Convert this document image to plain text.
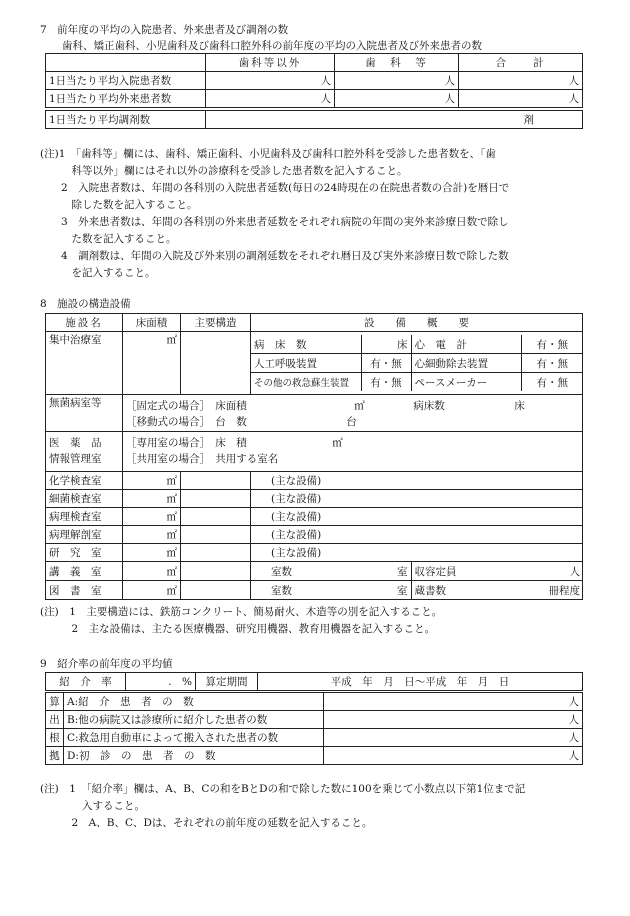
7　前年度の平均の入院患者、外来患者及び調剤の数
歯科、矯正歯科、小児歯科及び歯科口腔外科の前年度の平均の入院患者及び外来患者の数
	歯科等以外	歯　科　等	合　　計
1日当たり平均入院患者数	人	人	人
1日当たり平均外来患者数	人	人	人
1日当たり平均調剤数	剤
(注)1　「歯科等」欄には、歯科、矯正歯科、小児歯科及び歯科口腔外科を受診した患者数を、「歯
　　　科等以外」欄にはそれ以外の診療科を受診した患者数を記入すること。
　　2　入院患者数は、年間の各科別の入院患者延数(毎日の24時現在の在院患者数の合計)を暦日で
　　　除した数を記入すること。
　　3　外来患者数は、年間の各科別の外来患者延数をそれぞれ病院の年間の実外来診療日数で除し
　　　た数を記入すること。
　　4　調剤数は、年間の入院及び外来別の調剤延数をそれぞれ暦日及び実外来診療日数で除した数
　　　を記入すること。
8　施設の構造設備
施設名	床面積	主要構造	設　　備　　概　　要
集中治療室	㎡			病　床　数	床	心　電　計	有・無
人工呼吸装置	有・無	心細動除去装置	有・無
その他の救急蘇生装置	有・無	ペースメーカー	有・無

無菌病室等	［固定式の場合］　 床面積	㎡	病床数	床
［移動式の場合］　 台　数	台

医　薬　品
情報管理室

［専用室の場合］　 床　積	㎡
［共用室の場合］　 共用する室名

化学検査室	㎡		(主な設備)
細菌検査室	㎡		(主な設備)
病理検査室	㎡		(主な設備)
病理解剖室	㎡		(主な設備)
研　究　室	㎡		(主な設備)
講　義　室	㎡			室数	室	収容定員	人

図　書　室	㎡			室数	室	蔵書数	冊程度
(注)　1　主要構造には、鉄筋コンクリート、簡易耐火、木造等の別を記入すること。
　　　2　主な設備は、主たる医療機器、研究用機器、教育用機器を記入すること。
9　紹介率の前年度の平均値
紹　介　率	.　%	算定期間	平成　年　月　日～平成　年　月　日
算	A:紹　介　患　者　の　数	人
出	B:他の病院又は診療所に紹介した患者の数	人
根	C:救急用自動車によって搬入された患者の数	人
拠	D:初　診　の　患　者　の　数	人
(注)　1　「紹介率」欄は、A、B、Cの和をBとDの和で除した数に100を乗じて小数点以下第1位まで記
　　　　入すること。
　　　2　A、B、C、Dは、それぞれの前年度の延数を記入すること。
